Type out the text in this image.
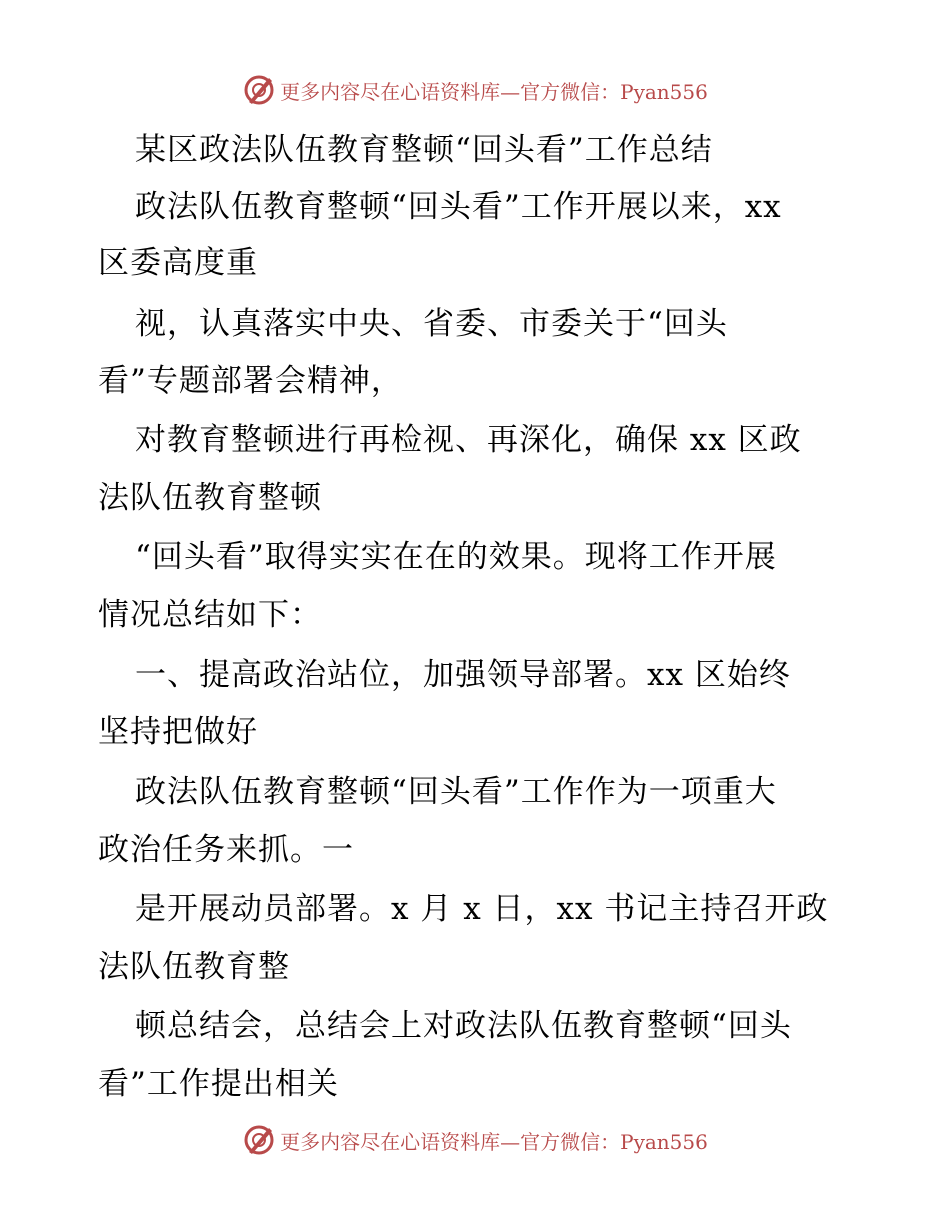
更多内容尽在心语资料库—官方微信：Pyan556
某区政法队伍教育整顿“回头看”工作总结
政法队伍教育整顿“回头看”工作开展以来，xx
区委高度重
视，认真落实中央、省委、市委关于“回头
看”专题部署会精神，
对教育整顿进行再检视、再深化，确保 xx 区政
法队伍教育整顿
“回头看”取得实实在在的效果。现将工作开展
情况总结如下：
一、提高政治站位，加强领导部署。xx 区始终
坚持把做好
政法队伍教育整顿“回头看”工作作为一项重大
政治任务来抓。一
是开展动员部署。x 月 x 日，xx 书记主持召开政
法队伍教育整
顿总结会，总结会上对政法队伍教育整顿“回头
看”工作提出相关
更多内容尽在心语资料库—官方微信：Pyan556
